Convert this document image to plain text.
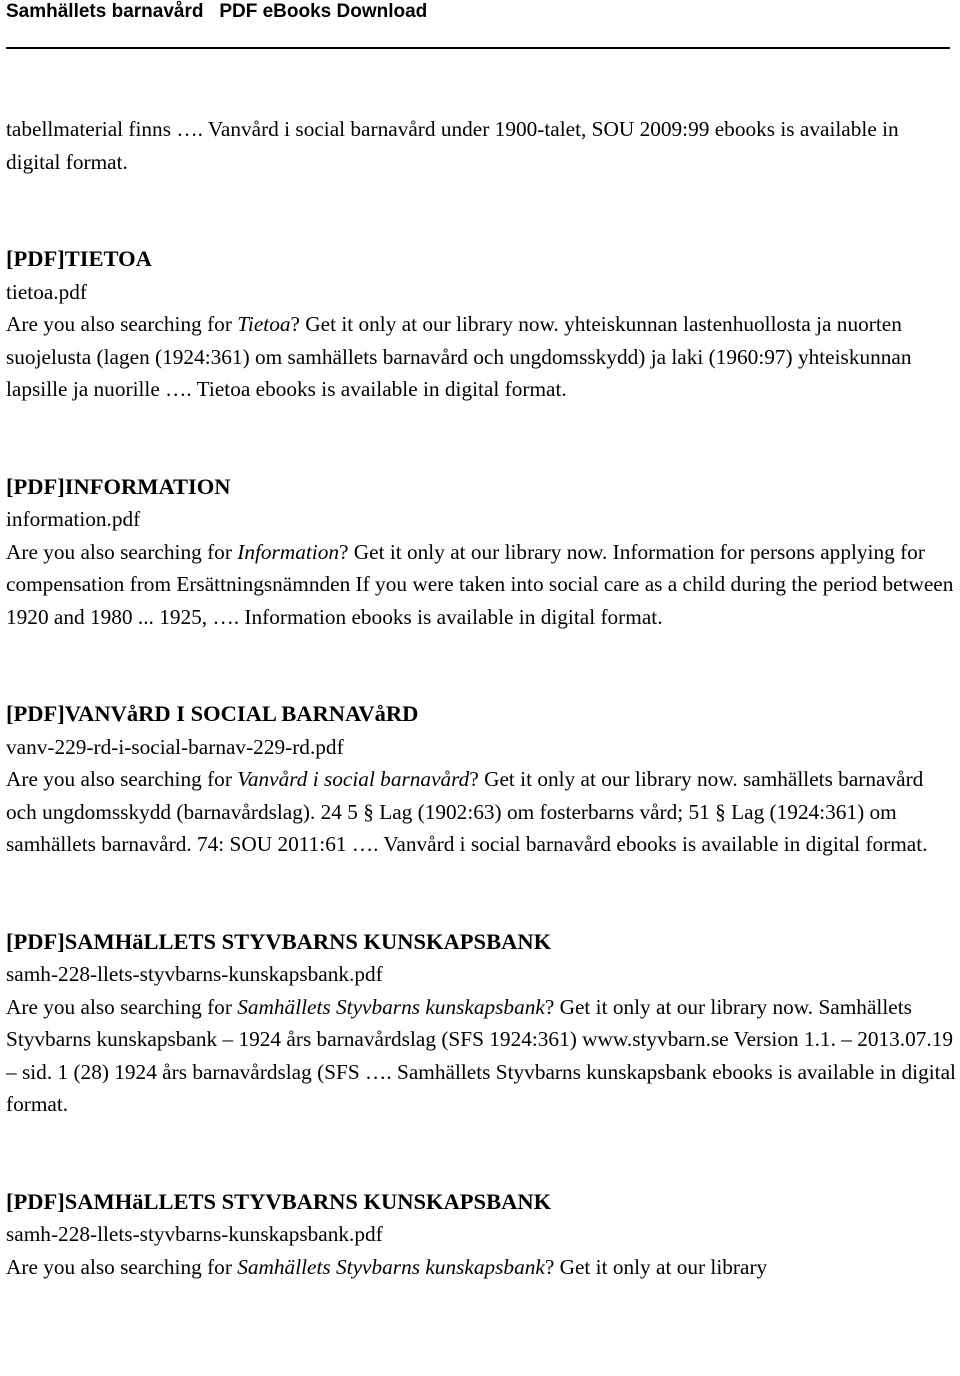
Samhällets barnavård PDF eBooks Download

tabellmaterial finns …. Vanvård i social barnavård under 1900-talet, SOU 2009:99 ebooks is available in digital format.

[PDF]TIETOA

tietoa.pdf

Are you also searching for Tietoa? Get it only at our library now. yhteiskunnan lastenhuollosta ja nuorten suojelusta (lagen (1924:361) om samhällets barnavård och ungdomsskydd) ja laki (1960:97) yhteiskunnan lapsille ja nuorille …. Tietoa ebooks is available in digital format.

[PDF]INFORMATION

information.pdf

Are you also searching for Information? Get it only at our library now. Information for persons applying for compensation from Ersättningsnämnden If you were taken into social care as a child during the period between 1920 and 1980 ... 1925, …. Information ebooks is available in digital format.

[PDF]VANVåRD I SOCIAL BARNAVåRD

vanv-229-rd-i-social-barnav-229-rd.pdf

Are you also searching for Vanvård i social barnavård? Get it only at our library now. samhällets barnavård och ungdomsskydd (barnavårdslag). 24 5 § Lag (1902:63) om fosterbarns vård; 51 § Lag (1924:361) om samhällets barnavård. 74: SOU 2011:61 …. Vanvård i social barnavård ebooks is available in digital format.

[PDF]SAMHäLLETS STYVBARNS KUNSKAPSBANK

samh-228-llets-styvbarns-kunskapsbank.pdf

Are you also searching for Samhällets Styvbarns kunskapsbank? Get it only at our library now. Samhällets Styvbarns kunskapsbank – 1924 års barnavårdslag (SFS 1924:361) www.styvbarn.se Version 1.1. – 2013.07.19 – sid. 1 (28) 1924 års barnavårdslag (SFS …. Samhällets Styvbarns kunskapsbank ebooks is available in digital format.

[PDF]SAMHäLLETS STYVBARNS KUNSKAPSBANK

samh-228-llets-styvbarns-kunskapsbank.pdf

Are you also searching for Samhällets Styvbarns kunskapsbank? Get it only at our library
